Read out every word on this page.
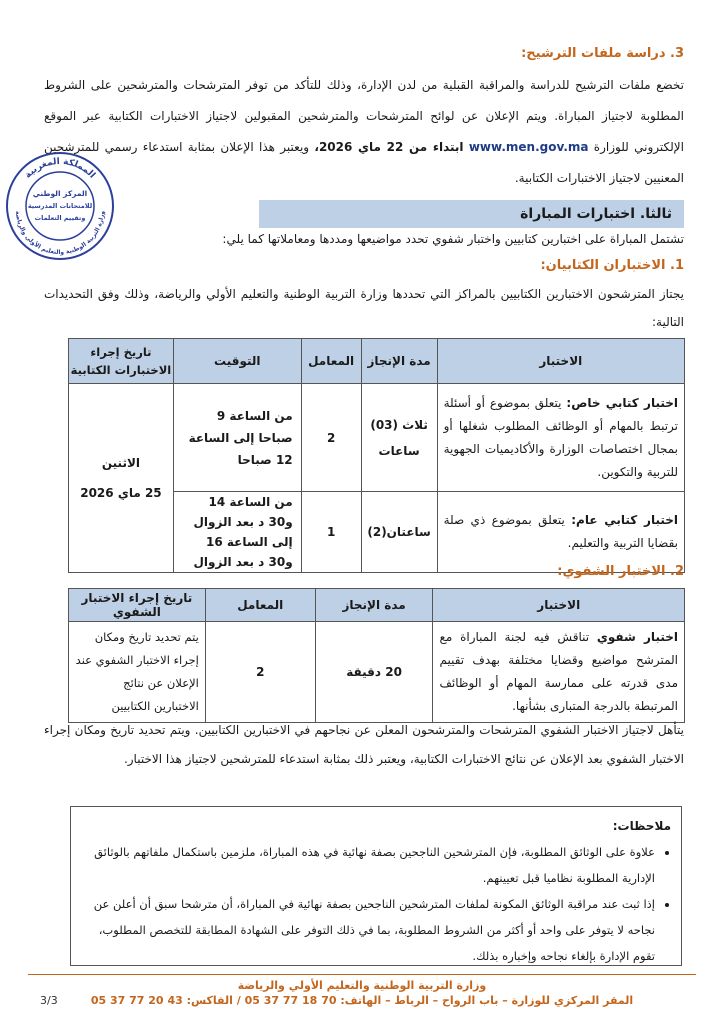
3. دراسة ملفات الترشيح:

تخضع ملفات الترشيح للدراسة والمراقبة القبلية من لدن الإدارة، وذلك للتأكد من توفر المترشحات والمترشحين على الشروط المطلوبة لاجتياز المباراة. ويتم الإعلان عن لوائح المترشحات والمترشحين المقبولين لاجتياز الاختبارات الكتابية عبر الموقع الإلكتروني للوزارة www.men.gov.ma ابتداء من 22 ماي 2026، ويعتبر هذا الإعلان بمثابة استدعاء رسمي للمترشحين المعنيين لاجتياز الاختبارات الكتابية.

المملكة المغربية
وزارة التربية الوطنية والتعليم الأولي والرياضة
المركز الوطني
للامتحانات المدرسية
وتقييم التعلمات	ثالثا. اختبارات المباراة
تشتمل المباراة على اختبارين كتابيين واختبار شفوي تحدد مواضيعها ومددها ومعاملاتها كما يلي:
1. الاختباران الكتابيان:

يجتاز المترشحون الاختبارين الكتابيين بالمراكز التي تحددها وزارة التربية الوطنية والتعليم الأولي والرياضة، وذلك وفق التحديدات التالية:

الاختبار	مدة الإنجاز	المعامل	التوقيت	تاريخ إجراء الاختبارات الكتابية
اختبار كتابي خاص: يتعلق بموضوع أو أسئلة ترتبط بالمهام أو الوظائف المطلوب شغلها أو بمجال اختصاصات الوزارة والأكاديميات الجهوية للتربية والتكوين.	ثلاث (03) ساعات	2	من الساعة 9 صباحا إلى الساعة 12 صباحا	الاثنين
25 ماي 2026

اختبار كتابي عام: يتعلق بموضوع ذي صلة بقضايا التربية والتعليم.	ساعتان(2)	1	من الساعة 14 و30 د بعد الزوال إلى الساعة 16 و30 د بعد الزوال	
2. الاختبار الشفوي:
الاختبار	مدة الإنجاز	المعامل	تاريخ إجراء الاختبار الشفوي
اختبار شفوي تناقش فيه لجنة المباراة مع المترشح مواضيع وقضايا مختلفة بهدف تقييم مدى قدرته على ممارسة المهام أو الوظائف المرتبطة بالدرجة المتبارى بشأنها.	20 دقيقة	2	يتم تحديد تاريخ ومكان إجراء الاختبار الشفوي عند الإعلان عن نتائج الاختبارين الكتابيين

يتأهل لاجتياز الاختبار الشفوي المترشحات والمترشحون المعلن عن نجاحهم في الاختبارين الكتابيين. ويتم تحديد تاريخ ومكان إجراء الاختبار الشفوي بعد الإعلان عن نتائج الاختبارات الكتابية، ويعتبر ذلك بمثابة استدعاء للمترشحين لاجتياز هذا الاختبار.

ملاحظات:
• علاوة على الوثائق المطلوبة، فإن المترشحين الناجحين بصفة نهائية في هذه المباراة، ملزمين باستكمال ملفاتهم بالوثائق الإدارية المطلوبة نظاميا قبل تعيينهم.
• إذا ثبت عند مراقبة الوثائق المكونة لملفات المترشحين الناجحين بصفة نهائية في المباراة، أن مترشحا سبق أن أعلن عن نجاحه لا يتوفر على واحد أو أكثر من الشروط المطلوبة، بما في ذلك التوفر على الشهادة المطابقة للتخصص المطلوب، تقوم الإدارة بإلغاء نجاحه وإخباره بذلك.
وزارة التربية الوطنية والتعليم الأولي والرياضة
المقر المركزي للوزارة – باب الرواح – الرباط – الهاتف: 70 18 77 37 05 / الفاكس: 43 20 77 37 05
3/3
